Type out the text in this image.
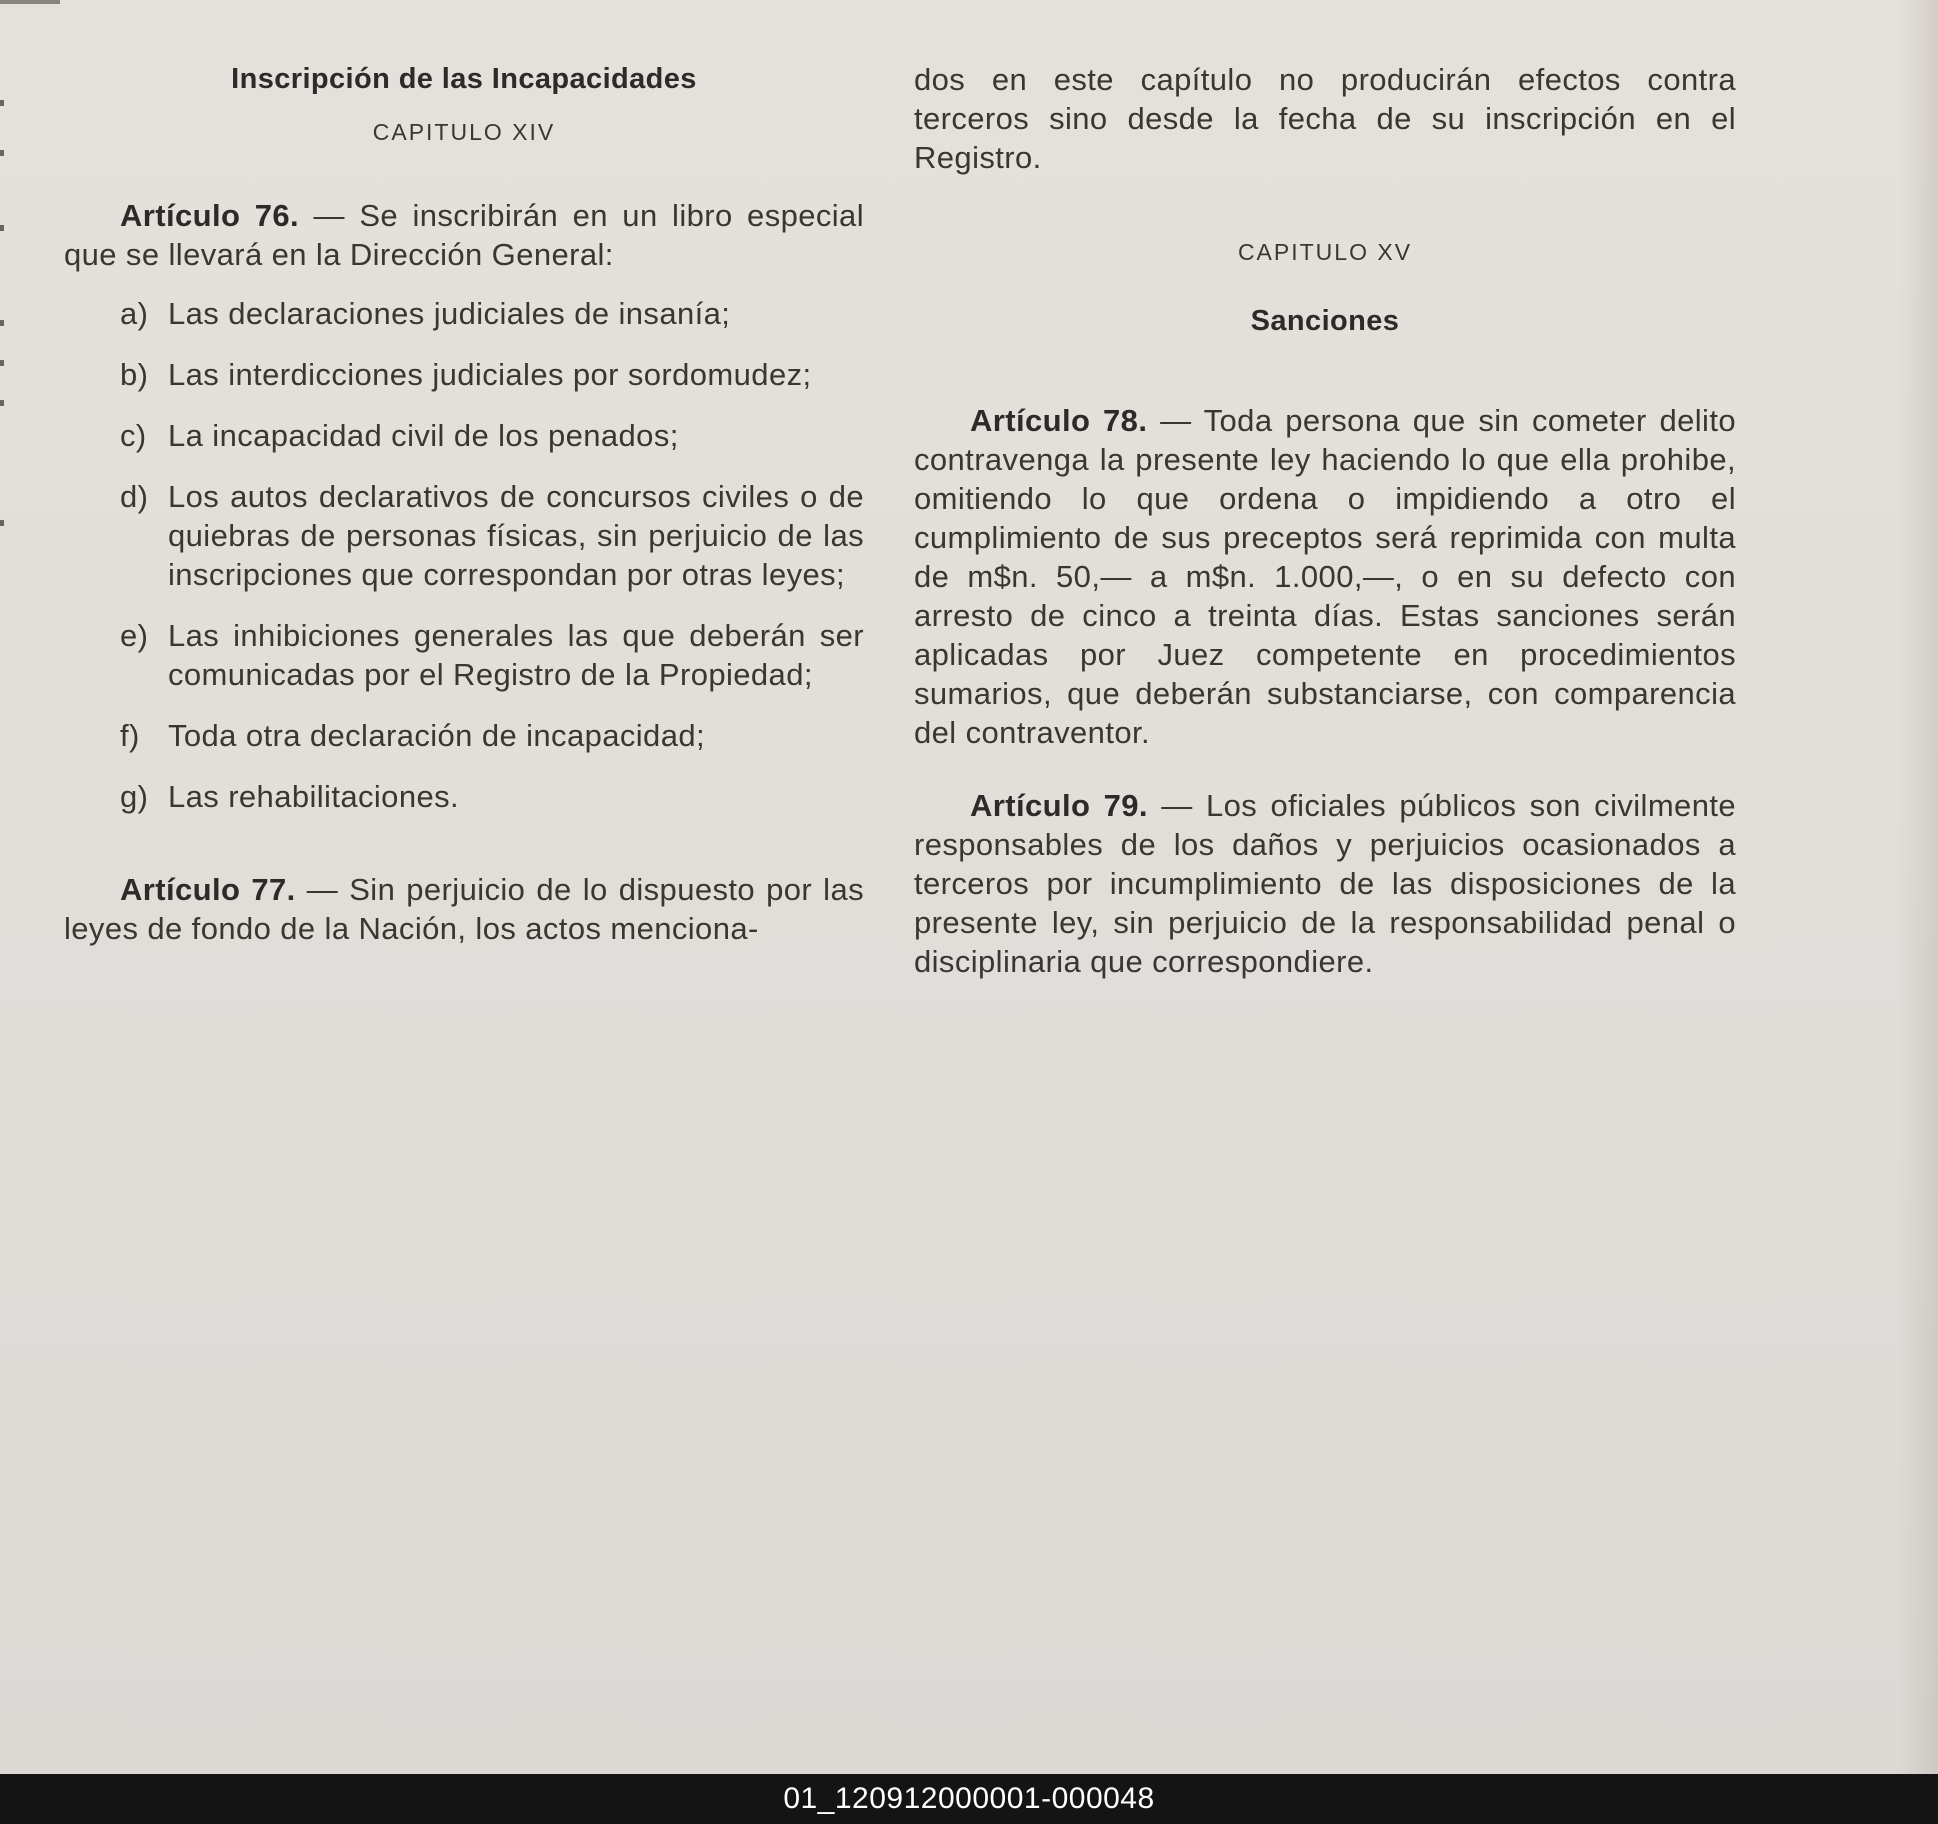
Inscripción de las Incapacidades

CAPITULO XIV

Artículo 76. — Se inscribirán en un libro especial que se llevará en la Dirección General:

a) Las declaraciones judiciales de insanía;

b) Las interdicciones judiciales por sordomudez;

c) La incapacidad civil de los penados;

d) Los autos declarativos de concursos civiles o de quiebras de personas físicas, sin perjuicio de las inscripciones que correspondan por otras leyes;

e) Las inhibiciones generales las que deberán ser comunicadas por el Registro de la Propiedad;

f) Toda otra declaración de incapacidad;

g) Las rehabilitaciones.

Artículo 77. — Sin perjuicio de lo dispuesto por las leyes de fondo de la Nación, los actos menciona-

dos en este capítulo no producirán efectos contra terceros sino desde la fecha de su inscripción en el Registro.

CAPITULO XV

Sanciones

Artículo 78. — Toda persona que sin cometer delito contravenga la presente ley haciendo lo que ella prohibe, omitiendo lo que ordena o impidiendo a otro el cumplimiento de sus preceptos será reprimida con multa de m$n. 50,— a m$n. 1.000,—, o en su defecto con arresto de cinco a treinta días. Estas sanciones serán aplicadas por Juez competente en procedimientos sumarios, que deberán substanciarse, con comparencia del contraventor.

Artículo 79. — Los oficiales públicos son civilmente responsables de los daños y perjuicios ocasionados a terceros por incumplimiento de las disposiciones de la presente ley, sin perjuicio de la responsabilidad penal o disciplinaria que correspondiere.

01_120912000001-000048
